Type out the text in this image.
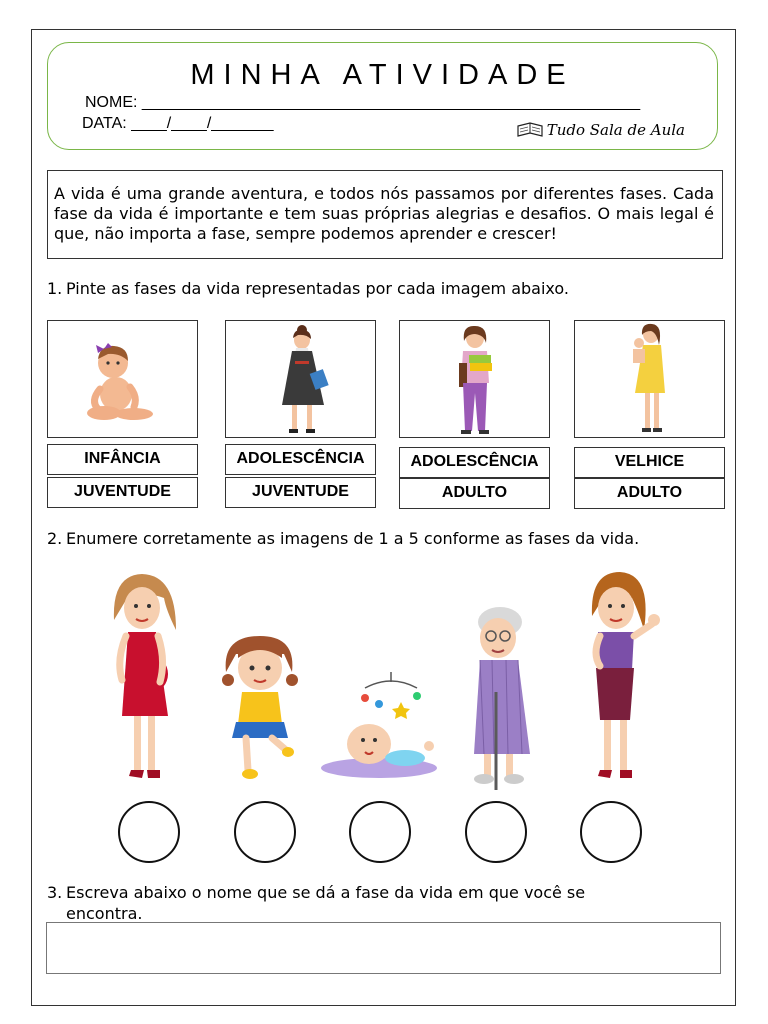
MINHA ATIVIDADE
NOME: ________________________________________________________
DATA: ____/____/_______	Tudo Sala de Aula
A vida é uma grande aventura, e todos nós passamos por diferentes fases. Cada fase da vida é importante e tem suas próprias alegrias e desafios. O mais legal é que, não importa a fase, sempre podemos aprender e crescer!
1. Pinte as fases da vida representadas por cada imagem abaixo.
INFÂNCIA
JUVENTUDE
ADOLESCÊNCIA
JUVENTUDE
ADOLESCÊNCIA
ADULTO
VELHICE
ADULTO
2. Enumere corretamente as imagens de 1 a 5 conforme as fases da vida.
3. Escreva abaixo o nome que se dá a fase da vida em que você se
encontra.
